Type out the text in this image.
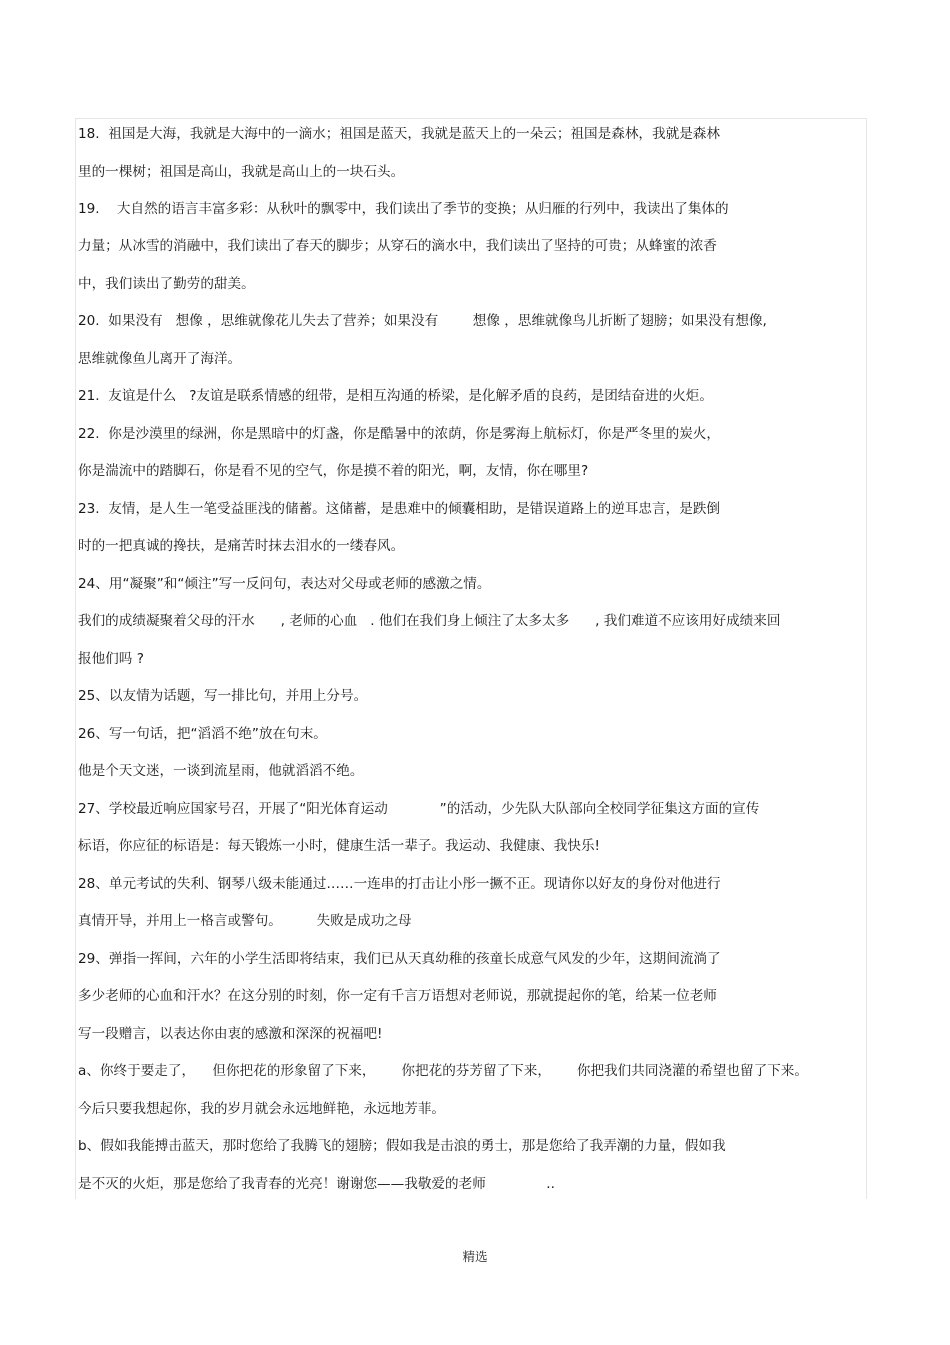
18.  祖国是大海，我就是大海中的一滴水；祖国是蓝天，我就是蓝天上的一朵云；祖国是森林，我就是森林
里的一棵树；祖国是高山，我就是高山上的一块石头。
19.    大自然的语言丰富多彩：从秋叶的飘零中，我们读出了季节的变换；从归雁的行列中，我读出了集体的
力量；从冰雪的消融中，我们读出了春天的脚步；从穿石的滴水中，我们读出了坚持的可贵；从蜂蜜的浓香
中，我们读出了勤劳的甜美。
20.  如果没有   想像 ，思维就像花儿失去了营养；如果没有        想像 ，思维就像鸟儿折断了翅膀；如果没有想像,
思维就像鱼儿离开了海洋。
21.  友谊是什么   ?友谊是联系情感的纽带，是相互沟通的桥梁，是化解矛盾的良药，是团结奋进的火炬。
22.  你是沙漠里的绿洲，你是黑暗中的灯盏，你是酷暑中的浓荫，你是雾海上航标灯，你是严冬里的炭火，
你是湍流中的踏脚石，你是看不见的空气，你是摸不着的阳光，啊，友情，你在哪里?
23.  友情，是人生一笔受益匪浅的储蓄。这储蓄，是患难中的倾囊相助，是错误道路上的逆耳忠言，是跌倒
时的一把真诚的搀扶，是痛苦时抹去泪水的一缕春风。
24、用“凝聚”和“倾注”写一反问句，表达对父母或老师的感激之情。
我们的成绩凝聚着父母的汗水      , 老师的心血   . 他们在我们身上倾注了太多太多      , 我们难道不应该用好成绩来回
报他们吗 ?
25、以友情为话题，写一排比句，并用上分号。
26、写一句话，把“滔滔不绝”放在句末。
他是个天文迷，一谈到流星雨，他就滔滔不绝。
27、学校最近响应国家号召，开展了“阳光体育运动            ”的活动，少先队大队部向全校同学征集这方面的宣传
标语，你应征的标语是：每天锻炼一小时，健康生活一辈子。我运动、我健康、我快乐!
28、单元考试的失利、钢琴八级未能通过……一连串的打击让小彤一撅不正。现请你以好友的身份对他进行
真情开导，并用上一格言或警句。        失败是成功之母
29、弹指一挥间，六年的小学生活即将结束，我们已从天真幼稚的孩童长成意气风发的少年，这期间流淌了
多少老师的心血和汗水？在这分别的时刻，你一定有千言万语想对老师说，那就提起你的笔，给某一位老师
写一段赠言，以表达你由衷的感激和深深的祝福吧!
a、你终于要走了，    但你把花的形象留了下来，      你把花的芬芳留了下来，      你把我们共同浇灌的希望也留了下来。
今后只要我想起你，我的岁月就会永远地鲜艳，永远地芳菲。
b、假如我能搏击蓝天，那时您给了我腾飞的翅膀；假如我是击浪的勇士，那是您给了我弄潮的力量，假如我
是不灭的火炬，那是您给了我青春的光亮！谢谢您——我敬爱的老师              ..
精选
